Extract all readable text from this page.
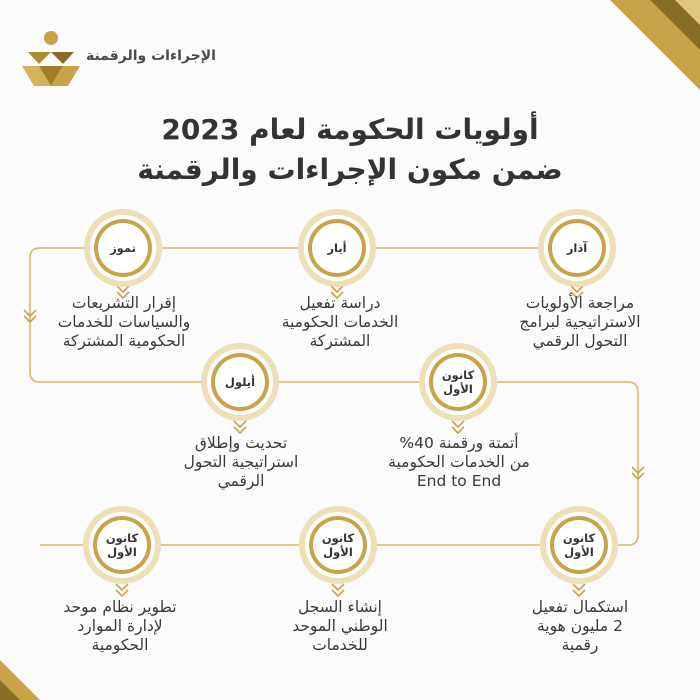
الإجراءات والرقمنة
أولويات الحكومة لعام 2023
ضمن مكون الإجراءات والرقمنة
آذار
مراجعة الأولويات
الاستراتيجية لبرامج
التحول الرقمي
أيار
دراسة تفعيل
الخدمات الحكومية
المشتركة
تموز
إقرار التشريعات
والسياسات للخدمات
الحكومية المشتركة
كانون
الأول
أتمتة ورقمنة 40%
من الخدمات الحكومية
End to End
أيلول
تحديث وإطلاق
استراتيجية التحول
الرقمي
كانون
الأول
استكمال تفعيل
2 مليون هوية
رقمية
كانون
الأول
إنشاء السجل
الوطني الموحد
للخدمات
كانون
الأول
تطوير نظام موحد
لإدارة الموارد
الحكومية
